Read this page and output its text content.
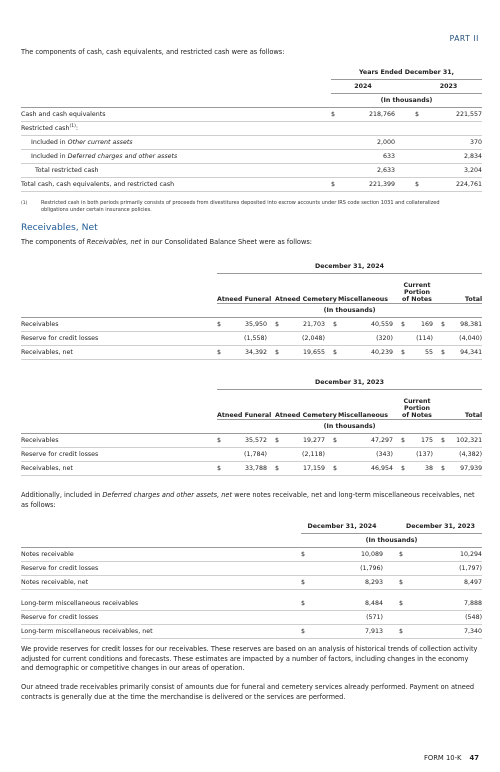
PART II
The components of cash, cash equivalents, and restricted cash were as follows:
	Years Ended December 31,				
	2024			2023	
	(In thousands)				
Cash and cash equivalents	$	218,766		$	221,557
Restricted cash$^{(1)}$:					
Included in Other current assets		2,000			370
Included in Deferred charges and other assets		633			2,834
Total restricted cash		2,633			3,204
Total cash, cash equivalents, and restricted cash	$	221,399		$	224,761
(1)	Restricted cash in both periods primarily consists of proceeds from divestitures deposited into escrow accounts under IRS code section 1031 and collateralized obligations under certain insurance policies.
Receivables, Net
The components of Receivables, net in our Consolidated Balance Sheet were as follows:
	December 31, 2024													
	Atneed Funeral			Atneed Cemetery			Miscellaneous			Current Portion of Notes			Total	
	(In thousands)													
Receivables	$	35,950		$	21,703		$	40,559		$	169		$	98,381
Reserve for credit losses		(1,558)			(2,048)			(320)			(114)			(4,040)
Receivables, net	$	34,392		$	19,655		$	40,239		$	55		$	94,341
	December 31, 2023													
	Atneed Funeral			Atneed Cemetery			Miscellaneous			Current Portion of Notes			Total	
	(In thousands)													
Receivables	$	35,572		$	19,277		$	47,297		$	175		$	102,321
Reserve for credit losses		(1,784)			(2,118)			(343)			(137)			(4,382)
Receivables, net	$	33,788		$	17,159		$	46,954		$	38		$	97,939
Additionally, included in Deferred charges and other assets, net were notes receivable, net and long-term miscellaneous receivables, net as follows:
	December 31, 2024			December 31, 2023	
	(In thousands)				
Notes receivable	$	10,089		$	10,294
Reserve for credit losses		(1,796)			(1,797)
Notes receivable, net	$	8,293		$	8,497

Long-term miscellaneous receivables	$	8,484		$	7,888
Reserve for credit losses		(571)			(548)
Long-term miscellaneous receivables, net	$	7,913		$	7,340
We provide reserves for credit losses for our receivables. These reserves are based on an analysis of historical trends of collection activity adjusted for current conditions and forecasts. These estimates are impacted by a number of factors, including changes in the economy and demographic or competitive changes in our areas of operation.
Our atneed trade receivables primarily consist of amounts due for funeral and cemetery services already performed. Payment on atneed contracts is generally due at the time the merchandise is delivered or the services are performed.
FORM 10-K 47
